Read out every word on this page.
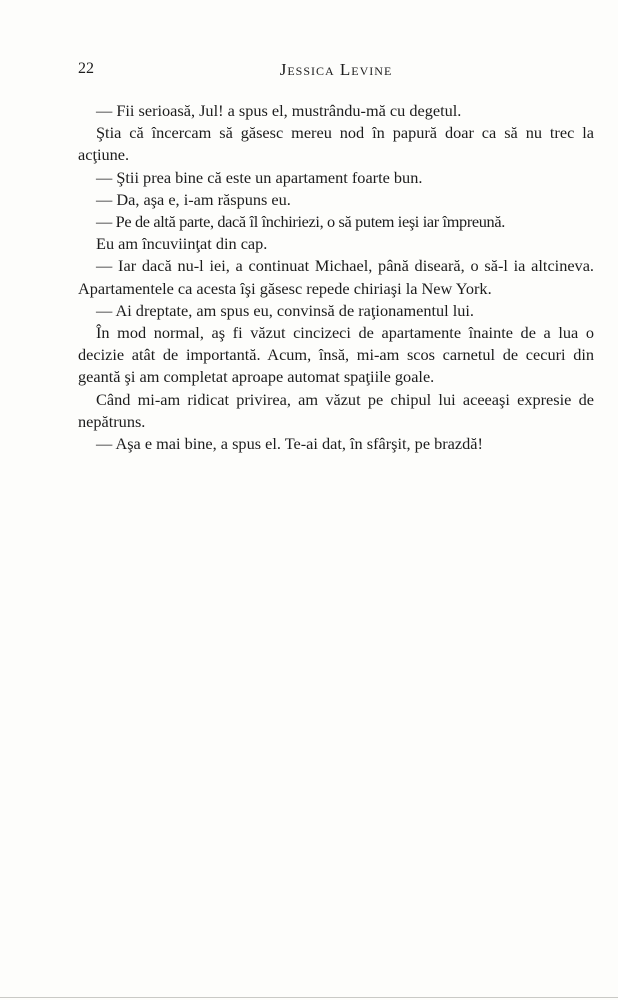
22	Jessica Levine

— Fii serioasă, Jul! a spus el, mustrându-mă cu degetul.

Ştia că încercam să găsesc mereu nod în papură doar ca să nu trec la acţiune.

— Ştii prea bine că este un apartament foarte bun.

— Da, aşa e, i-am răspuns eu.

— Pe de altă parte, dacă îl închiriezi, o să putem ieşi iar împreună.

Eu am încuviinţat din cap.

— Iar dacă nu-l iei, a continuat Michael, până diseară, o să-l ia altcineva. Apartamentele ca acesta îşi găsesc repede chiriaşi la New York.

— Ai dreptate, am spus eu, convinsă de raţionamentul lui.

În mod normal, aş fi văzut cincizeci de apartamente înainte de a lua o decizie atât de importantă. Acum, însă, mi-am scos carnetul de cecuri din geantă şi am completat aproape automat spaţiile goale.

Când mi-am ridicat privirea, am văzut pe chipul lui aceeaşi expresie de nepătruns.

— Aşa e mai bine, a spus el. Te-ai dat, în sfârşit, pe brazdă!
